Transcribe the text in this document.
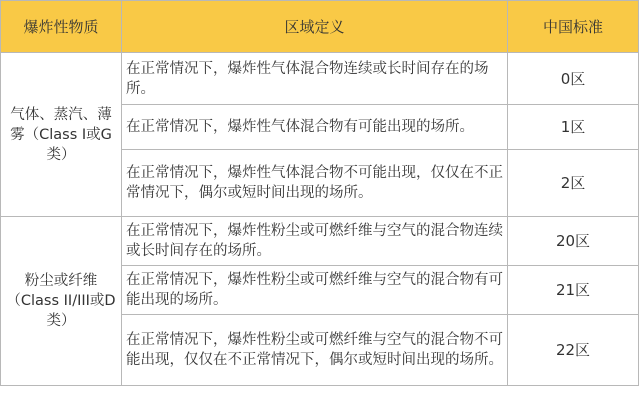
爆炸性物质	区域定义	中国标准
气体、蒸汽、薄雾（Class I或G类）	在正常情况下，爆炸性气体混合物连续或长时间存在的场所。	0区
	在正常情况下，爆炸性气体混合物有可能出现的场所。	1区
	在正常情况下，爆炸性气体混合物不可能出现，仅仅在不正常情况下，偶尔或短时间出现的场所。	2区
粉尘或纤维（Class II/III或D类）	在正常情况下，爆炸性粉尘或可燃纤维与空气的混合物连续或长时间存在的场所。	20区
	在正常情况下，爆炸性粉尘或可燃纤维与空气的混合物有可能出现的场所。	21区
	在正常情况下，爆炸性粉尘或可燃纤维与空气的混合物不可能出现，仅仅在不正常情况下，偶尔或短时间出现的场所。	22区
